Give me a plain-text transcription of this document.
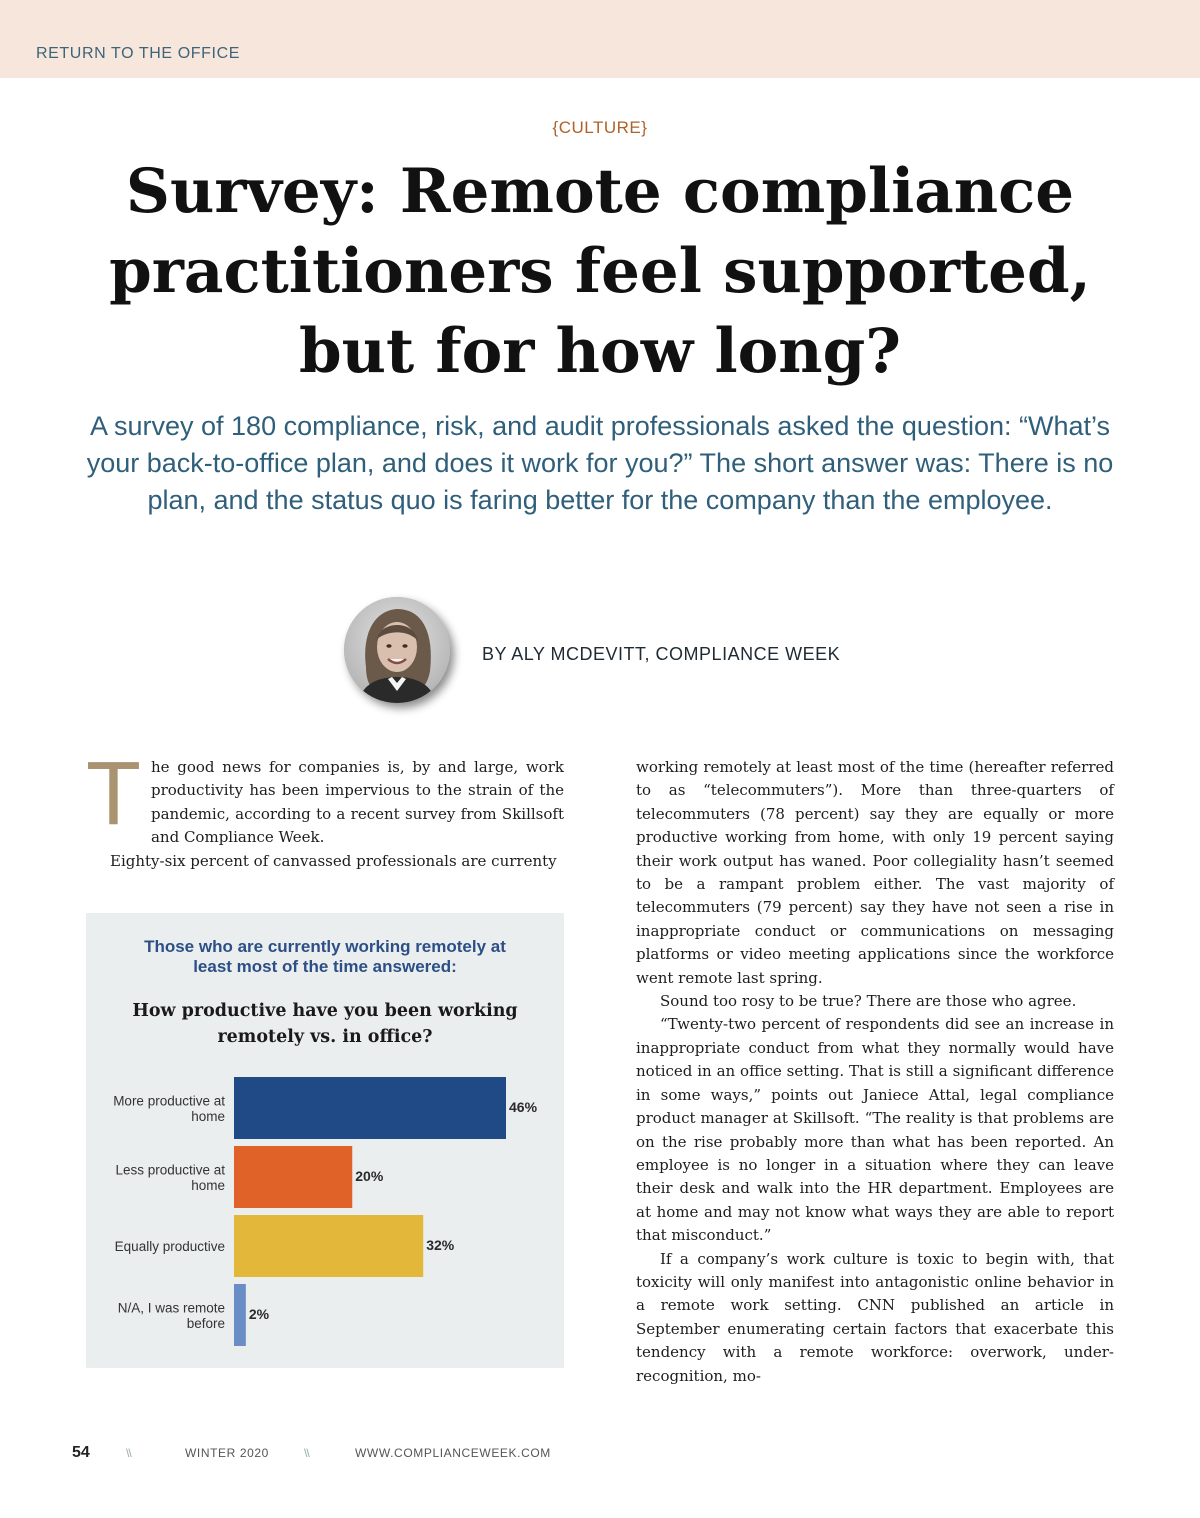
RETURN TO THE OFFICE
{CULTURE}
Survey: Remote compliance practitioners feel supported, but for how long?

A survey of 180 compliance, risk, and audit professionals asked the question: “What’s your back-to-office plan, and does it work for you?” The short answer was: There is no plan, and the status quo is faring better for the company than the employee.

BY ALY MCDEVITT, COMPLIANCE WEEK

The good news for companies is, by and large, work productivity has been impervious to the strain of the pandemic, according to a recent survey from Skillsoft and Compliance Week.

Eighty-six percent of canvassed professionals are currenty

Those who are currently working remotely at least most of the time answered:
How productive have you been working remotely vs. in office?
46%
More productive at
home
20%
Less productive at
home
32%
Equally productive
2%
N/A, I was remote
before

working remotely at least most of the time (hereafter referred to as “telecommuters”). More than three-quarters of telecommuters (78 percent) say they are equally or more productive working from home, with only 19 percent saying their work output has waned. Poor collegiality hasn’t seemed to be a rampant problem either. The vast majority of telecommuters (79 percent) say they have not seen a rise in inappropriate conduct or communications on messaging platforms or video meeting applications since the workforce went remote last spring.

Sound too rosy to be true? There are those who agree.

“Twenty-two percent of respondents did see an increase in inappropriate conduct from what they normally would have noticed in an office setting. That is still a significant difference in some ways,” points out Janiece Attal, legal compliance product manager at Skillsoft. “The reality is that problems are on the rise probably more than what has been reported. An employee is no longer in a situation where they can leave their desk and walk into the HR department. Employees are at home and may not know what ways they are able to report that misconduct.”

If a company’s work culture is toxic to begin with, that toxicity will only manifest into antagonistic online behavior in a remote work setting. CNN published an article in September enumerating certain factors that exacerbate this tendency with a remote workforce: overwork, under-recognition, mo-

54	\\	WINTER 2020	\\	WWW.COMPLIANCEWEEK.COM
